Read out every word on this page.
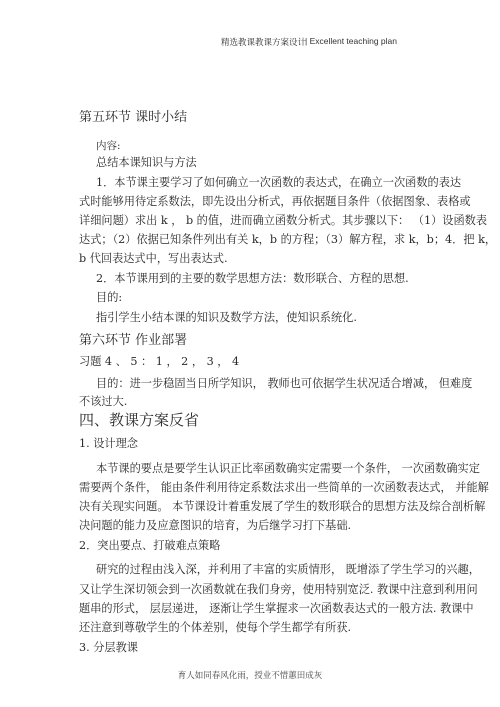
精选教课教课方案设计
| Excellent teaching plan
第五环节 课时小结
内容:
总结本课知识与方法
1．本节课主要学习了如何确立一次函数的表达式，在确立一次函数的表达
式时能够用待定系数法，即先设出分析式，再依据题目条件（依据图象、表格或
详细问题）求出 k ， b 的值，进而确立函数分析式。其步骤以下： （1）设函数表
达式；（2）依据已知条件列出有关 k，b 的方程；（3）解方程，求 k，b；4．把 k，
b 代回表达式中，写出表达式.
2．本节课用到的主要的数学思想方法：数形联合、方程的思想.
目的:
指引学生小结本课的知识及数学方法，使知识系统化.
第六环节 作业部署
习题 4 、 5 ： 1 ， 2 ， 3 ， 4
目的：进一步稳固当日所学知识， 教师也可依据学生状况适合增减， 但难度
不该过大.
四、教课方案反省
1. 设计理念
本节课的要点是要学生认识正比率函数确实定需要一个条件， 一次函数确实定
需要两个条件， 能由条件利用待定系数法求出一些简单的一次函数表达式， 并能解
决有关现实问题。 本节课设计着重发展了学生的数形联合的思想方法及综合剖析解
决问题的能力及应意图识的培育，为后继学习打下基础.
2．突出要点、打破难点策略
研究的过程由浅入深，并利用了丰富的实质情形， 既增添了学生学习的兴趣，
又让学生深切领会到一次函数就在我们身旁，使用特别宽泛. 教课中注意到利用问
题串的形式， 层层递进， 逐渐让学生掌握求一次函数表达式的一般方法. 教课中
还注意到尊敬学生的个体差别，使每个学生都学有所获.
3. 分层教课
育人如同春风化雨，授业不惜蕙田成灰
